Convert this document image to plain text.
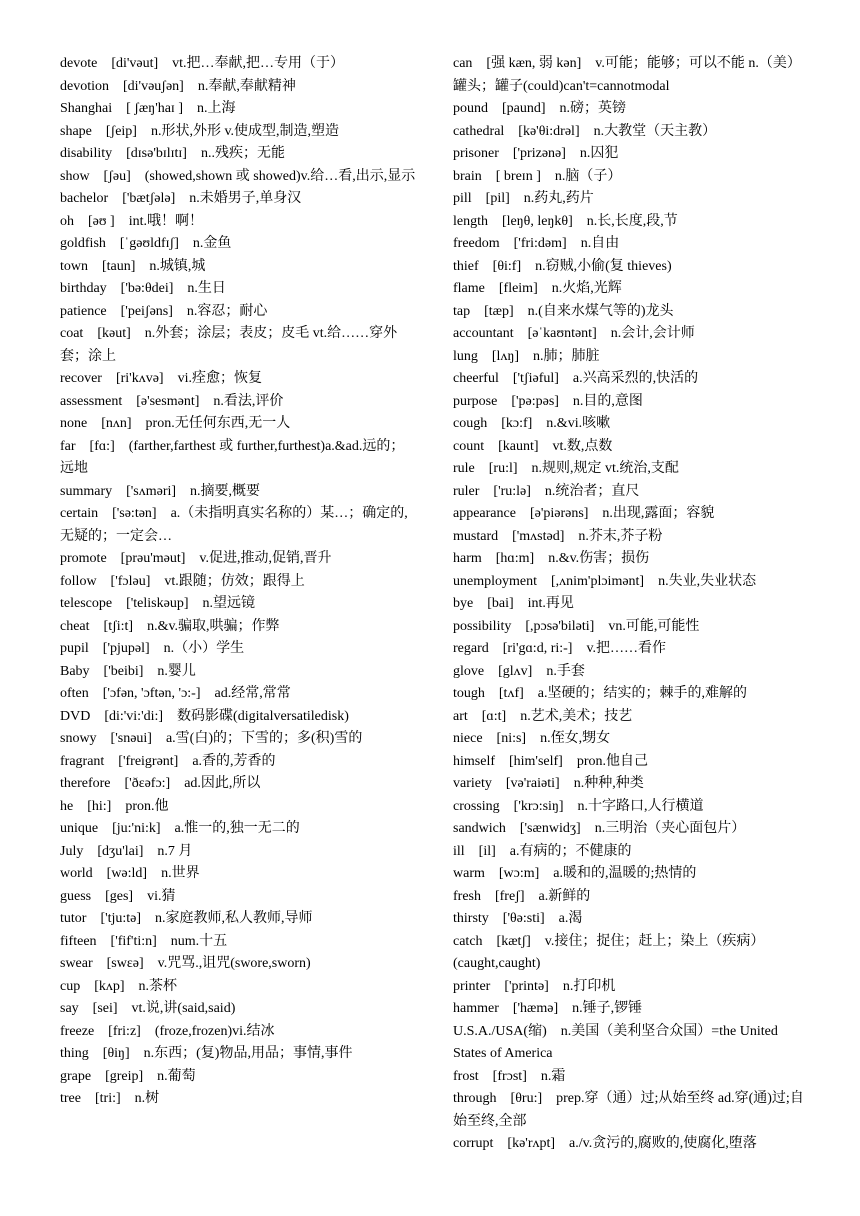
devote    [di'vəut]    vt.把…奉献,把…专用（于）

devotion    [di'vəuʃən]    n.奉献,奉献精神

Shanghai    [ ʃæŋ'haɪ ]    n.上海

shape    [ʃeip]    n.形状,外形 v.使成型,制造,塑造

disability    [dɪsə'bɪlɪtɪ]    n..残疾；无能

show    [ʃəu]    (showed,shown 或 showed)v.给…看,出示,显示

bachelor    ['bætʃələ]    n.未婚男子,单身汉

oh    [əʊ ]    int.哦！啊！

goldfish    [ˈgəʊldfɪʃ]    n.金鱼

town    [taun]    n.城镇,城

birthday    ['bə:θdei]    n.生日

patience    ['peiʃəns]    n.容忍；耐心

coat    [kəut]    n.外套；涂层；表皮；皮毛 vt.给……穿外套；涂上

recover    [ri'kʌvə]    vi.痊愈；恢复

assessment    [ə'sesmənt]    n.看法,评价

none    [nʌn]    pron.无任何东西,无一人

far    [fɑ:]    (farther,farthest 或 further,furthest)a.&ad.远的；远地

summary    ['sʌməri]    n.摘要,概要

certain    ['sə:tən]    a.（未指明真实名称的）某…；确定的,无疑的；一定会…

promote    [prəu'məut]    v.促进,推动,促销,晋升

follow    ['fɔləu]    vt.跟随；仿效；跟得上

telescope    ['teliskəup]    n.望远镜

cheat    [tʃi:t]    n.&v.骗取,哄骗；作弊

pupil    ['pjupəl]    n.（小）学生

Baby    ['beibi]    n.婴儿

often    ['ɔfən, 'ɔftən, 'ɔ:-]    ad.经常,常常

DVD    [di:'vi:'di:]    数码影碟(digitalversatiledisk)

snowy    ['snəui]    a.雪(白)的；下雪的；多(积)雪的

fragrant    ['freigrənt]    a.香的,芳香的

therefore    ['ðεəfɔ:]    ad.因此,所以

he    [hi:]    pron.他

unique    [ju:'ni:k]    a.惟一的,独一无二的

July    [dʒu'lai]    n.7 月

world    [wə:ld]    n.世界

guess    [ges]    vi.猜

tutor    ['tju:tə]    n.家庭教师,私人教师,导师

fifteen    ['fif'ti:n]    num.十五

swear    [swεə]    v.咒骂.,诅咒(swore,sworn)

cup    [kʌp]    n.茶杯

say    [sei]    vt.说,讲(said,said)

freeze    [fri:z]    (froze,frozen)vi.结冰

thing    [θiŋ]    n.东西；(复)物品,用品；事情,事件

grape    [greip]    n.葡萄

tree    [tri:]    n.树

can    [强 kæn, 弱 kən]    v.可能；能够；可以不能 n.（美）罐头；罐子(could)can't=cannotmodal

pound    [paund]    n.磅；英镑

cathedral    [kə'θi:drəl]    n.大教堂（天主教）

prisoner    ['prizənə]    n.囚犯

brain    [ breɪn ]    n.脑（子）

pill    [pil]    n.药丸,药片

length    [leŋθ, leŋkθ]    n.长,长度,段,节

freedom    ['fri:dəm]    n.自由

thief    [θi:f]    n.窃贼,小偷(复 thieves)

flame    [fleim]    n.火焰,光辉

tap    [tæp]    n.(自来水煤气等的)龙头

accountant    [əˈkaʊntənt]    n.会计,会计师

lung    [lʌŋ]    n.肺；肺脏

cheerful    ['tʃiəful]    a.兴高采烈的,快活的

purpose    ['pə:pəs]    n.目的,意图

cough    [kɔ:f]    n.&vi.咳嗽

count    [kaunt]    vt.数,点数

rule    [ru:l]    n.规则,规定 vt.统治,支配

ruler    ['ru:lə]    n.统治者；直尺

appearance    [ə'piərəns]    n.出现,露面；容貌

mustard    ['mʌstəd]    n.芥末,芥子粉

harm    [hɑ:m]    n.&v.伤害；损伤

unemployment    [,ʌnim'plɔimənt]    n.失业,失业状态

bye    [bai]    int.再见

possibility    [,pɔsə'biləti]    vn.可能,可能性

regard    [ri'gɑ:d, ri:-]    v.把……看作

glove    [glʌv]    n.手套

tough    [tʌf]    a.坚硬的；结实的；棘手的,难解的

art    [ɑ:t]    n.艺术,美术；技艺

niece    [ni:s]    n.侄女,甥女

himself    [him'self]    pron.他自己

variety    [və'raiəti]    n.种种,种类

crossing    ['krɔ:siŋ]    n.十字路口,人行横道

sandwich    ['sænwidʒ]    n.三明治（夹心面包片）

ill    [il]    a.有病的；不健康的

warm    [wɔ:m]    a.暖和的,温暖的;热情的

fresh    [freʃ]    a.新鲜的

thirsty    ['θə:sti]    a.渴

catch    [kætʃ]    v.接住；捉住；赶上；染上（疾病）(caught,caught)

printer    ['printə]    n.打印机

hammer    ['hæmə]    n.锤子,锣锤

U.S.A./USA(缩)    n.美国（美利坚合众国）=the United States of America

frost    [frɔst]    n.霜

through    [θru:]    prep.穿（通）过;从始至终 ad.穿(通)过;自始至终,全部

corrupt    [kə'rʌpt]    a./v.贪污的,腐败的,使腐化,堕落
